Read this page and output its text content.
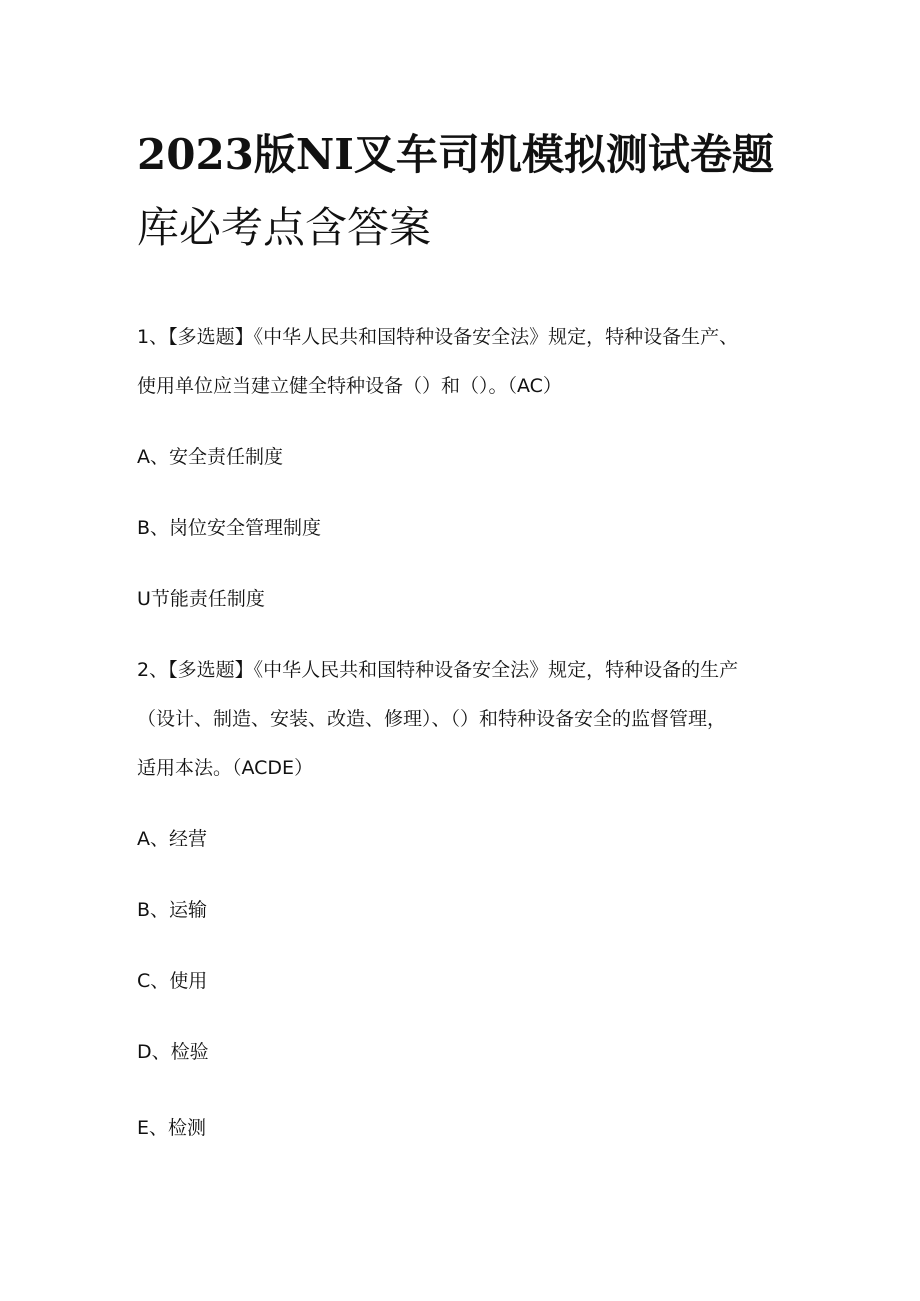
2023版NI叉车司机模拟测试卷题
库必考点含答案
1、【多选题】《中华人民共和国特种设备安全法》规定，特种设备生产、
使用单位应当建立健全特种设备（）和（）。（AC）
A、安全责任制度
B、岗位安全管理制度
U节能责任制度
2、【多选题】《中华人民共和国特种设备安全法》规定，特种设备的生产
（设计、制造、安装、改造、修理）、（）和特种设备安全的监督管理，
适用本法。（ACDE）
A、经营
B、运输
C、使用
D、检验
E、检测
